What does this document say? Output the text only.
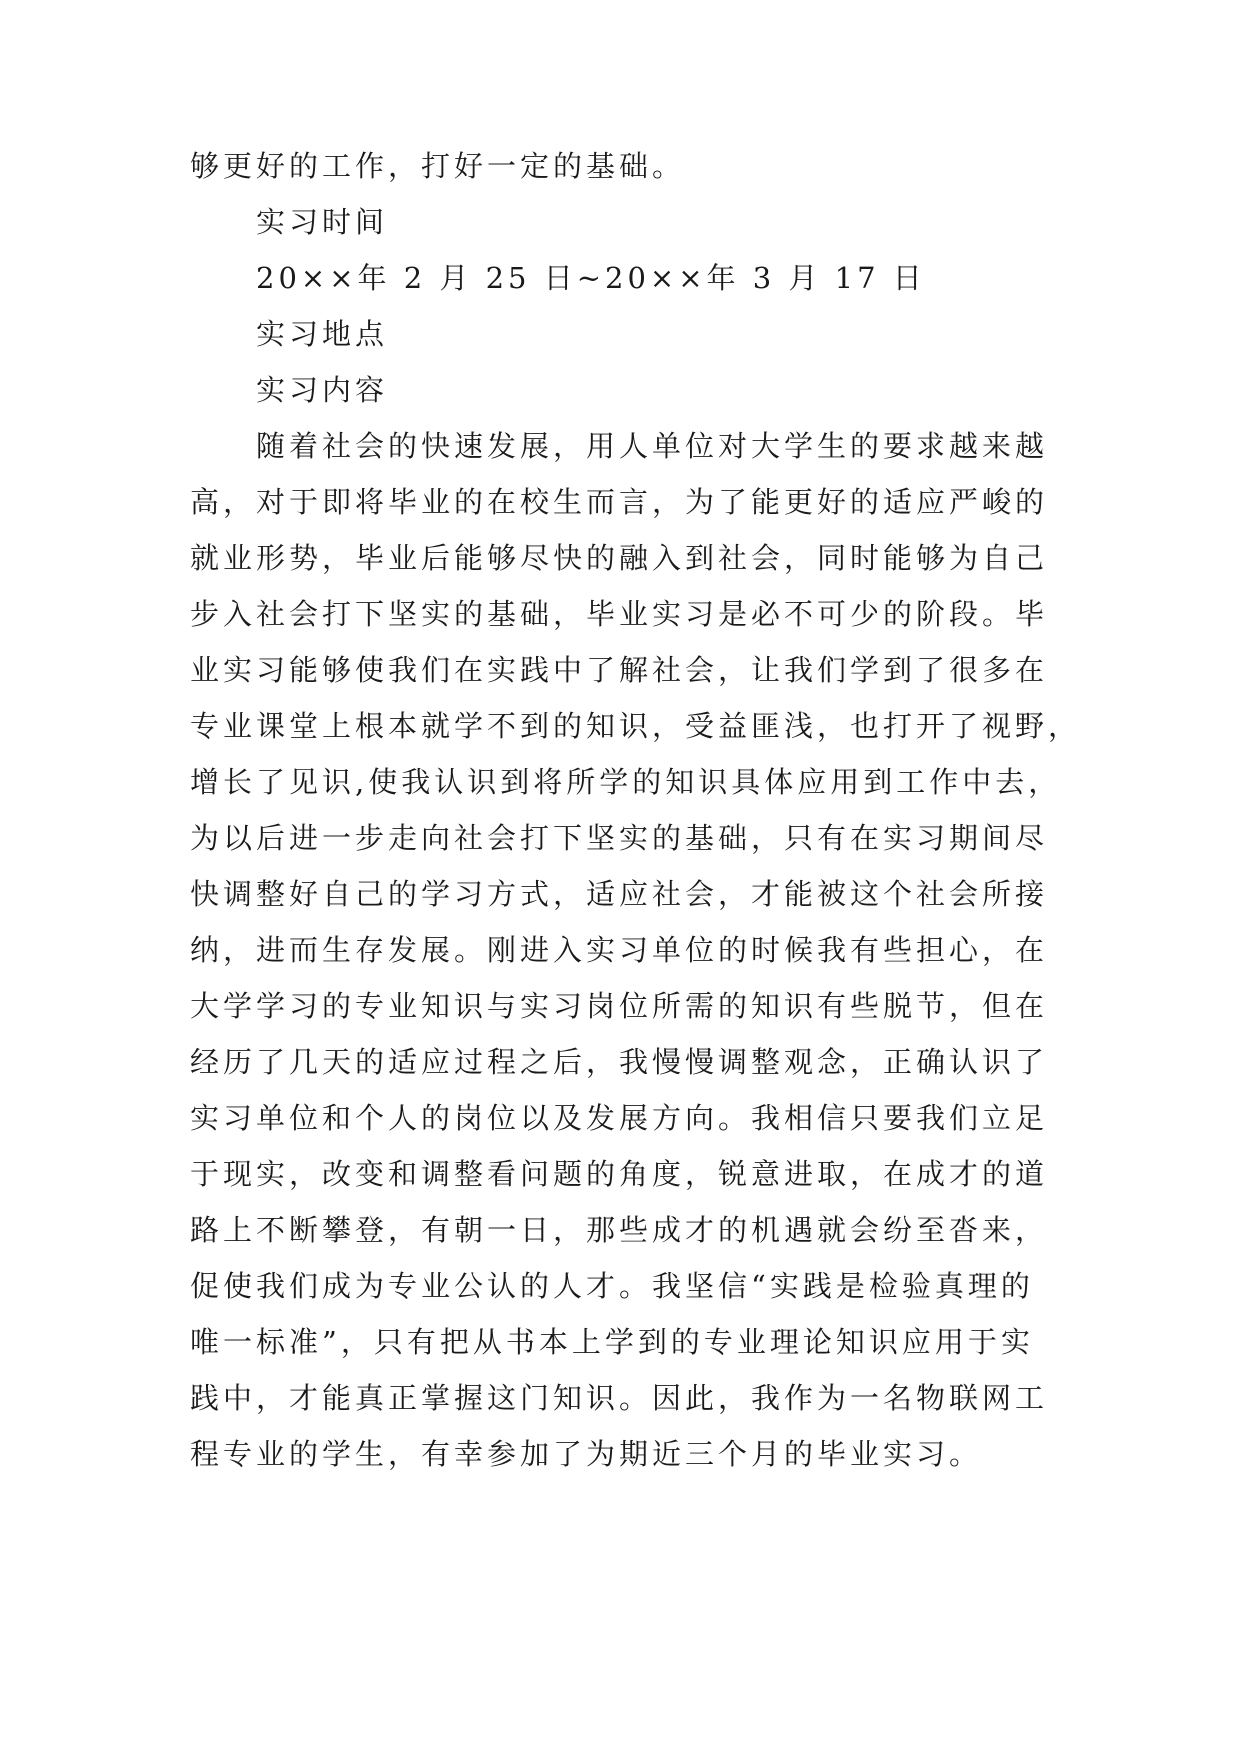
够更好的工作，打好一定的基础。
实习时间
20××年 2 月 25 日~20××年 3 月 17 日
实习地点
实习内容
随着社会的快速发展，用人单位对大学生的要求越来越
高，对于即将毕业的在校生而言，为了能更好的适应严峻的
就业形势，毕业后能够尽快的融入到社会，同时能够为自己
步入社会打下坚实的基础，毕业实习是必不可少的阶段。毕
业实习能够使我们在实践中了解社会，让我们学到了很多在
专业课堂上根本就学不到的知识，受益匪浅，也打开了视野，
增长了见识,使我认识到将所学的知识具体应用到工作中去，
为以后进一步走向社会打下坚实的基础，只有在实习期间尽
快调整好自己的学习方式，适应社会，才能被这个社会所接
纳，进而生存发展。刚进入实习单位的时候我有些担心，在
大学学习的专业知识与实习岗位所需的知识有些脱节，但在
经历了几天的适应过程之后，我慢慢调整观念，正确认识了
实习单位和个人的岗位以及发展方向。我相信只要我们立足
于现实，改变和调整看问题的角度，锐意进取，在成才的道
路上不断攀登，有朝一日，那些成才的机遇就会纷至沓来，
促使我们成为专业公认的人才。我坚信“实践是检验真理的
唯一标准”，只有把从书本上学到的专业理论知识应用于实
践中，才能真正掌握这门知识。因此，我作为一名物联网工
程专业的学生，有幸参加了为期近三个月的毕业实习。
